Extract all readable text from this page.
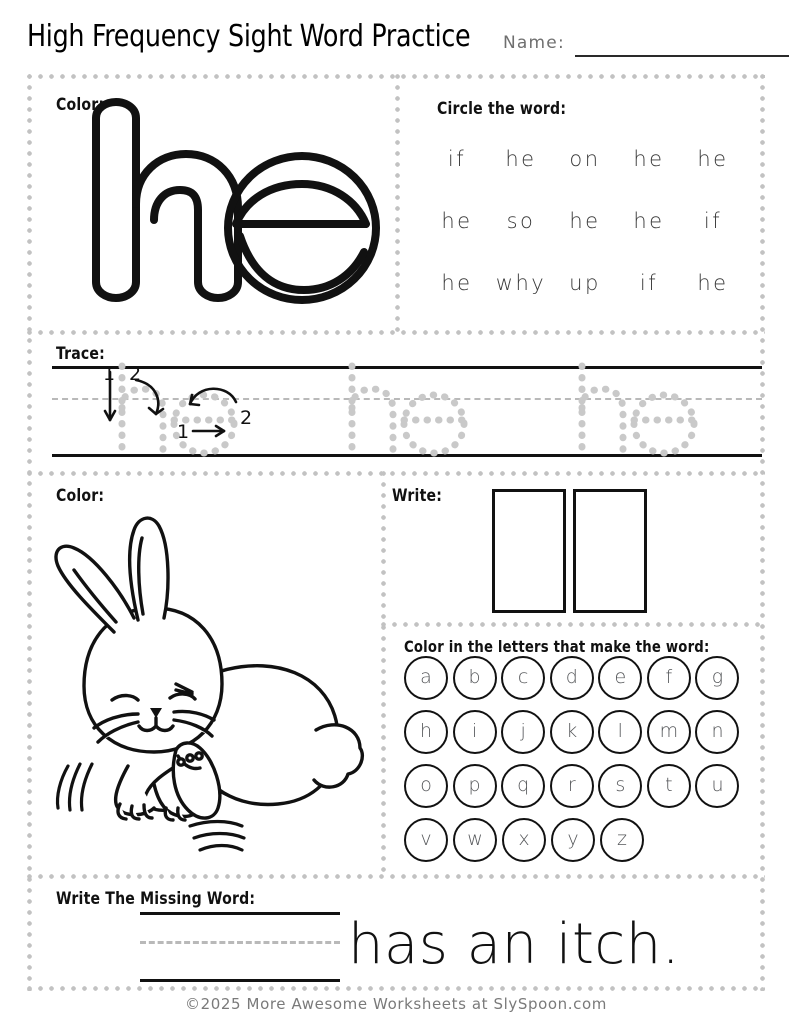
High Frequency Sight Word Practice Name:
Color:	Circle the word:
if	he	on	he	he
he	so	he	he	if
he	why	up	if	he
Trace:
1 2
1
2
Color:	Write:
Color in the letters that make the word:
a b c d e f g
h i j k l m n
o p q r s t u
v w x y z
Write The Missing Word:
has an itch.
©2025 More Awesome Worksheets at SlySpoon.com
